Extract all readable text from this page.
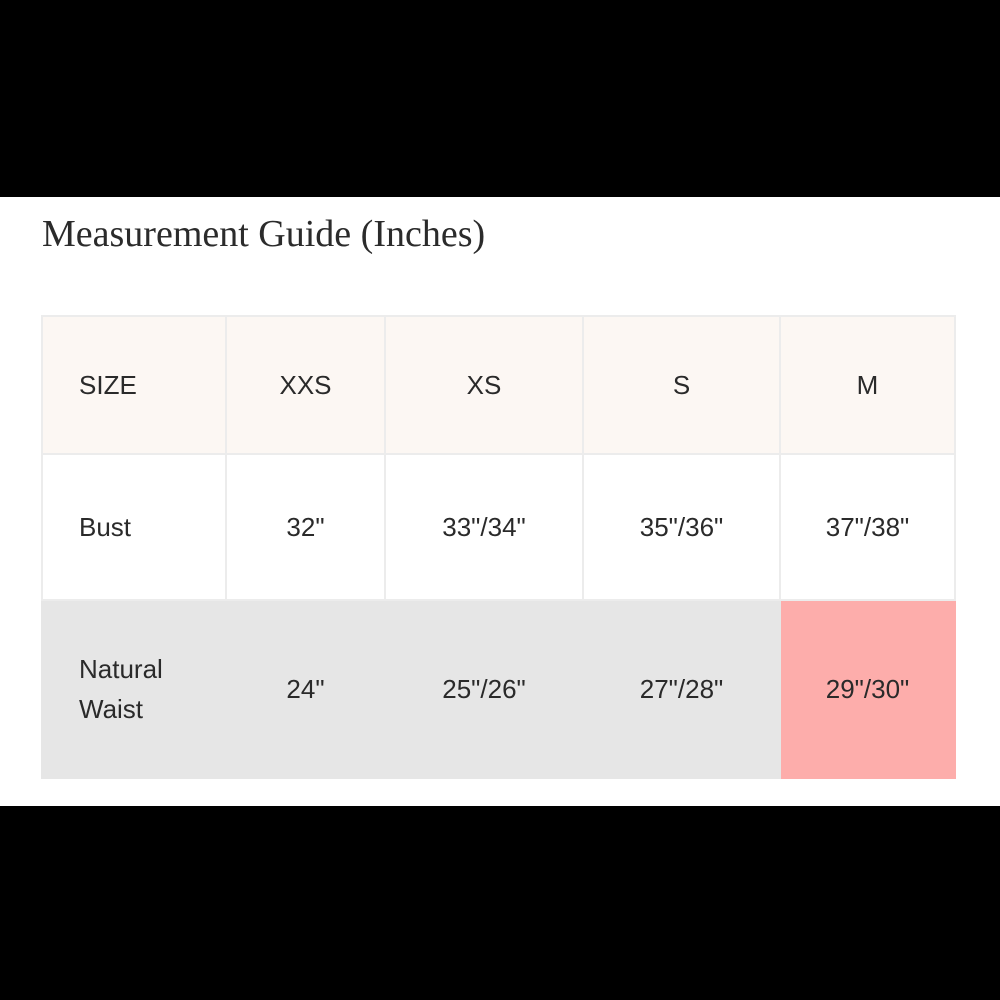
Measurement Guide (Inches)
SIZE	XXS	XS	S	M

Bust	32"	33"/34"	35"/36"	37"/38"

Natural
Waist	24"	25"/26"	27"/28"	29"/30"
